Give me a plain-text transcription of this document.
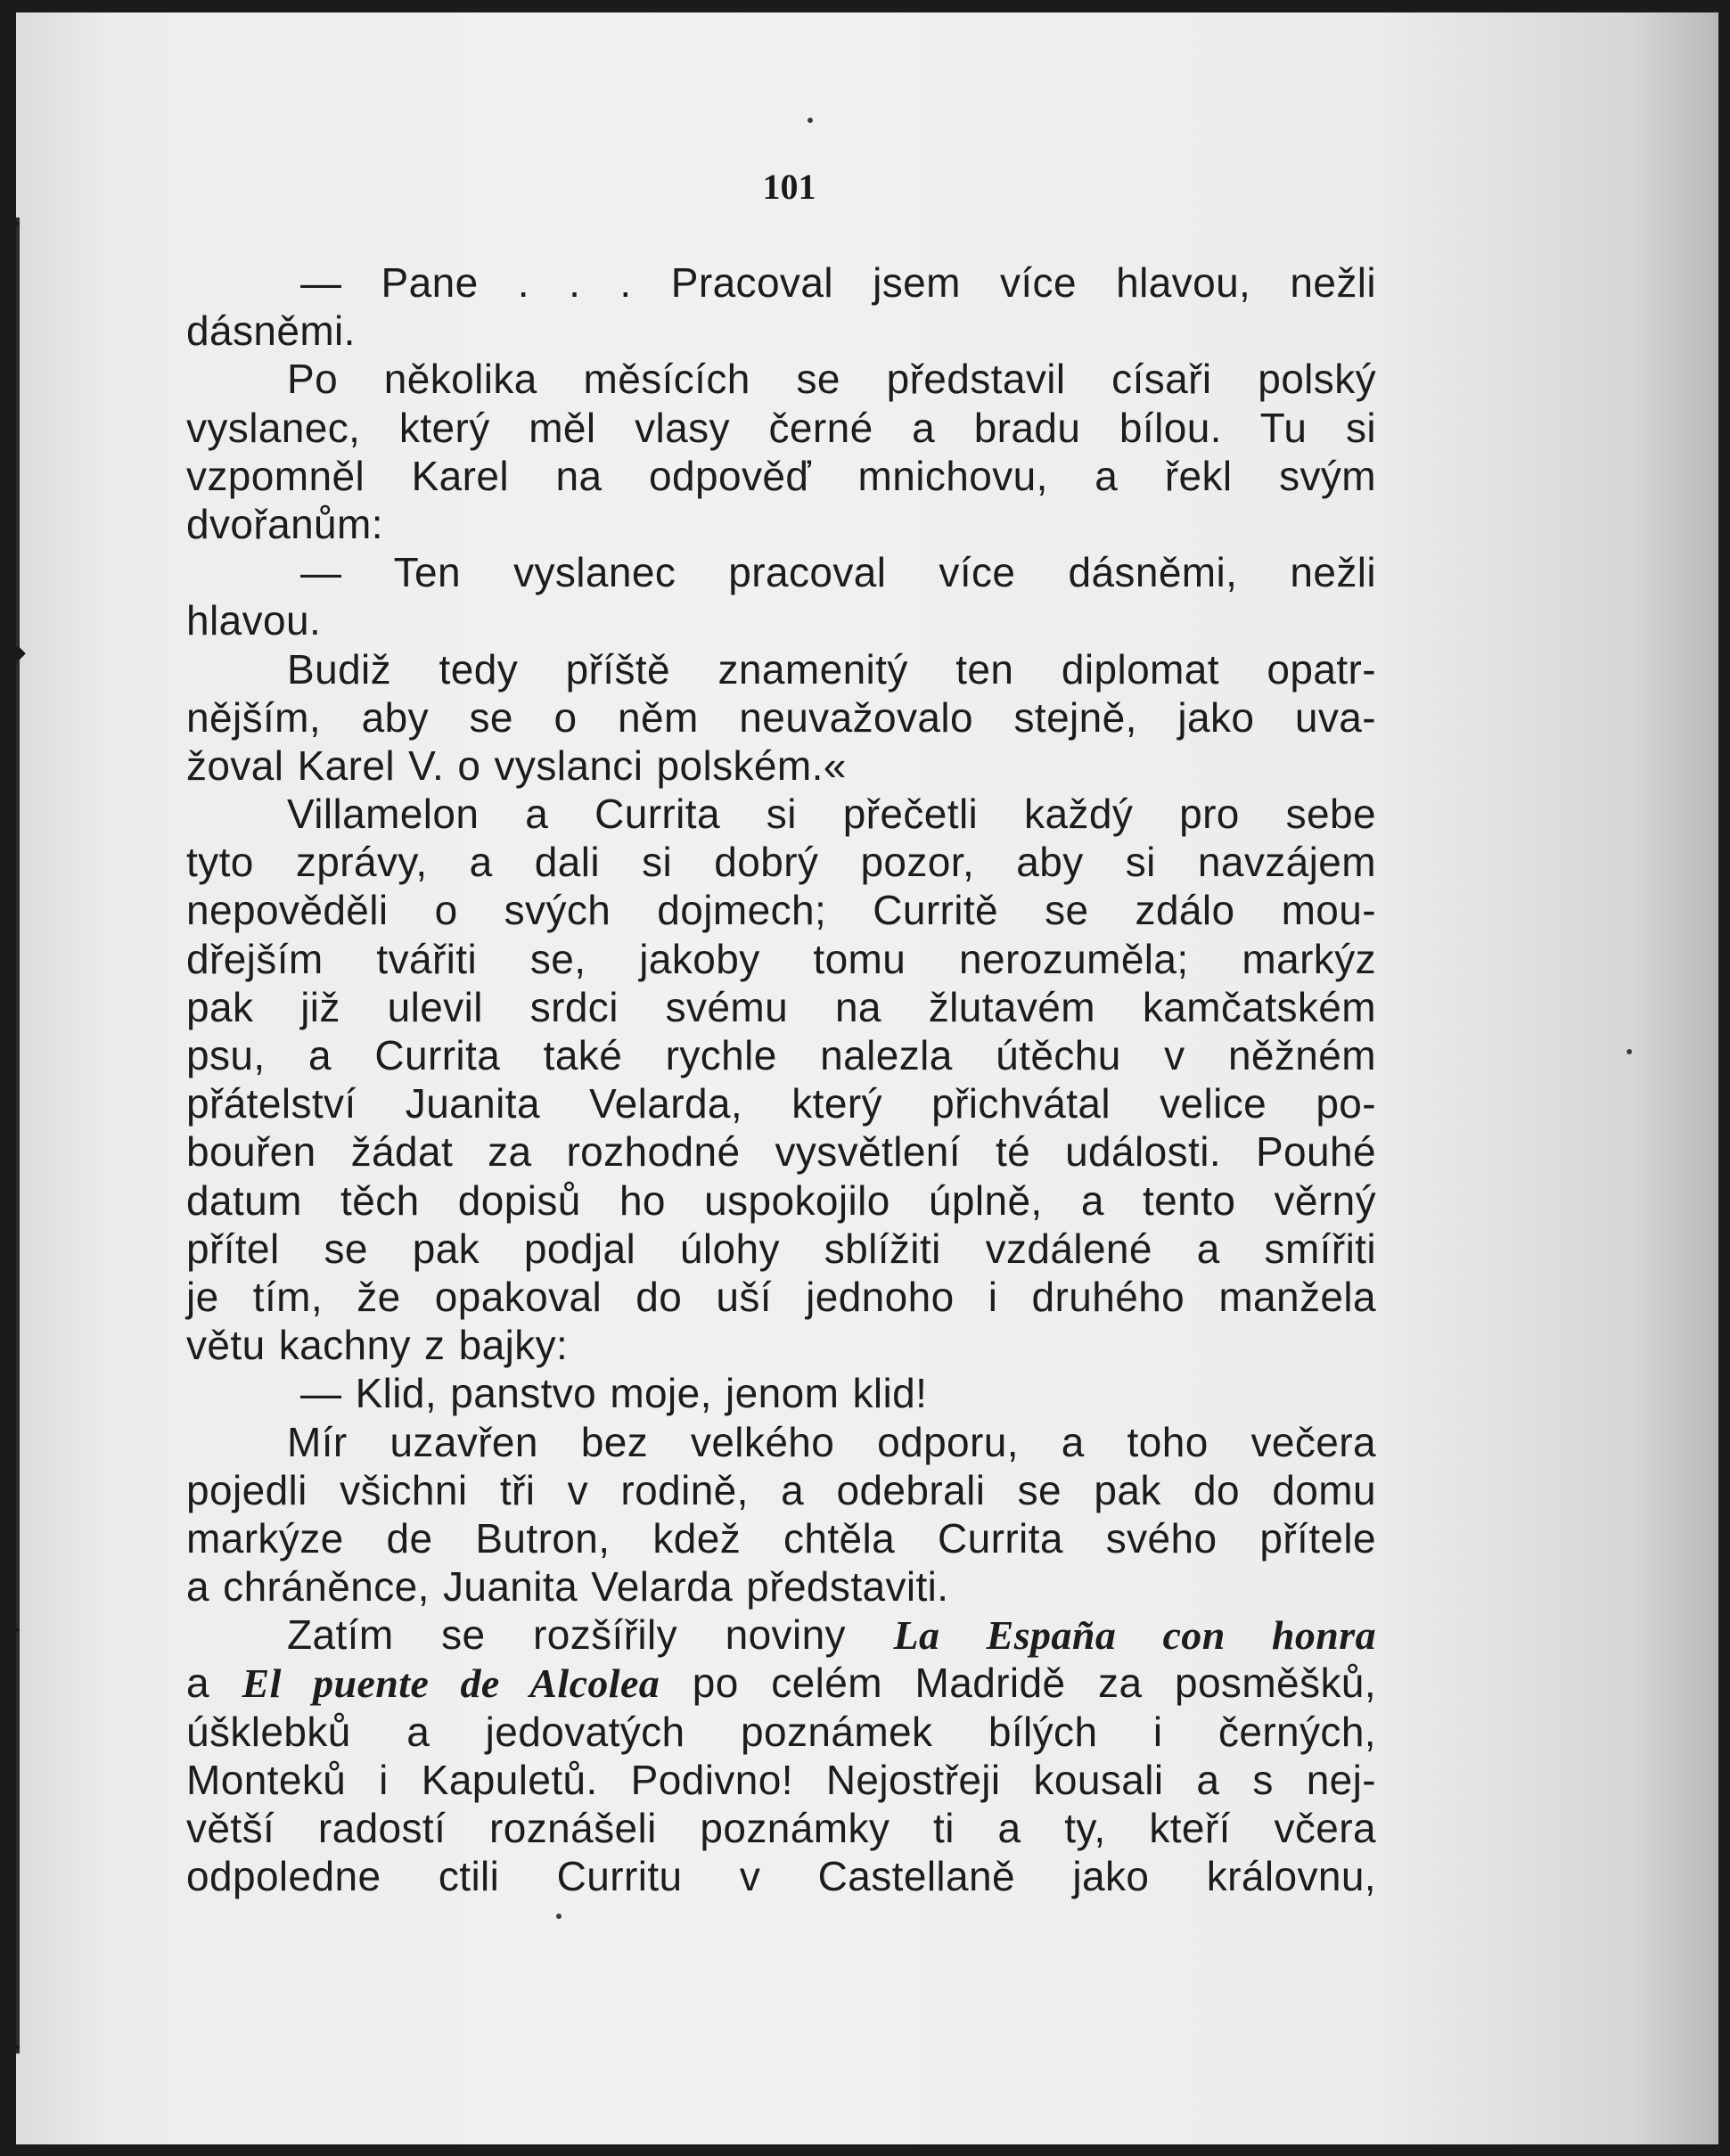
‣
◆
‣
‣
101
— Pane . . . Pracoval jsem více hlavou, nežli
dásněmi.
Po několika měsících se představil císaři polský
vyslanec, který měl vlasy černé a bradu bílou. Tu si
vzpomněl Karel na odpověď mnichovu, a řekl svým
dvořanům:
— Ten vyslanec pracoval více dásněmi, nežli
hlavou.
Budiž tedy příště znamenitý ten diplomat opatr-
nějším, aby se o něm neuvažovalo stejně, jako uva-
žoval Karel V. o vyslanci polském.«
Villamelon a Currita si přečetli každý pro sebe
tyto zprávy, a dali si dobrý pozor, aby si navzájem
nepověděli o svých dojmech; Curritě se zdálo mou-
dřejším tvářiti se, jakoby tomu nerozuměla; markýz
pak již ulevil srdci svému na žlutavém kamčatském
psu, a Currita také rychle nalezla útěchu v něžném
přátelství Juanita Velarda, který přichvátal velice po-
bouřen žádat za rozhodné vysvětlení té události. Pouhé
datum těch dopisů ho uspokojilo úplně, a tento věrný
přítel se pak podjal úlohy sblížiti vzdálené a smířiti
je tím, že opakoval do uší jednoho i druhého manžela
větu kachny z bajky:
— Klid, panstvo moje, jenom klid!
Mír uzavřen bez velkého odporu, a toho večera
pojedli všichni tři v rodině, a odebrali se pak do domu
markýze de Butron, kdež chtěla Currita svého přítele
a chráněnce, Juanita Velarda představiti.
Zatím se rozšířily noviny La España con honra
a El puente de Alcolea po celém Madridě za posměšků,
úšklebků a jedovatých poznámek bílých i černých,
Monteků i Kapuletů. Podivno! Nejostřeji kousali a s nej-
větší radostí roznášeli poznámky ti a ty, kteří včera
odpoledne ctili Curritu v Castellaně jako královnu,
